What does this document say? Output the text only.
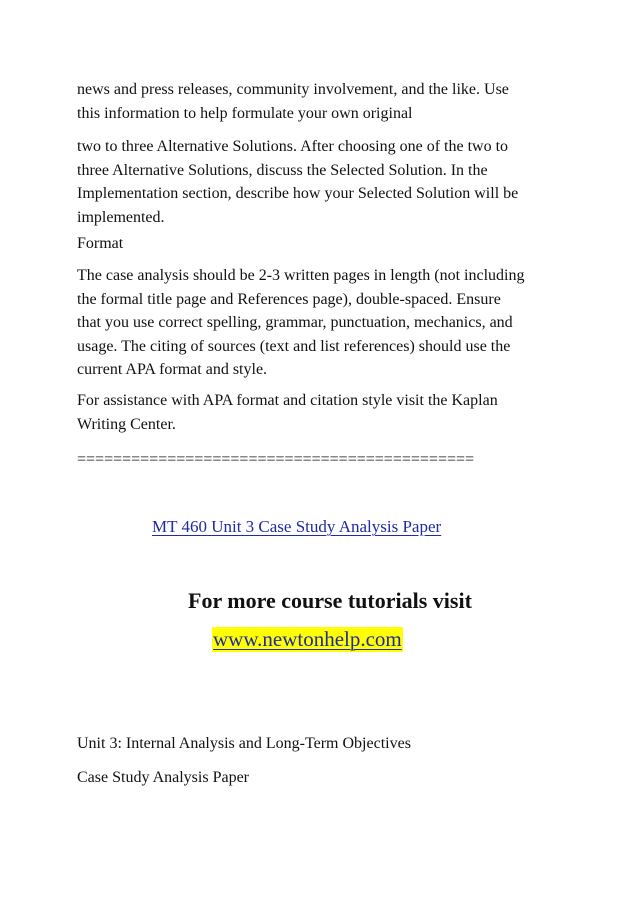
news and press releases, community involvement, and the like. Use
this information to help formulate your own original

two to three Alternative Solutions. After choosing one of the two to
three Alternative Solutions, discuss the Selected Solution. In the
Implementation section, describe how your Selected Solution will be
implemented.

Format

The case analysis should be 2-3 written pages in length (not including
the formal title page and References page), double-spaced. Ensure
that you use correct spelling, grammar, punctuation, mechanics, and
usage. The citing of sources (text and list references) should use the
current APA format and style.

For assistance with APA format and citation style visit the Kaplan
Writing Center.

============================================

MT 460 Unit 3 Case Study Analysis Paper

For more course tutorials visit

www.newtonhelp.com

Unit 3: Internal Analysis and Long-Term Objectives

Case Study Analysis Paper
